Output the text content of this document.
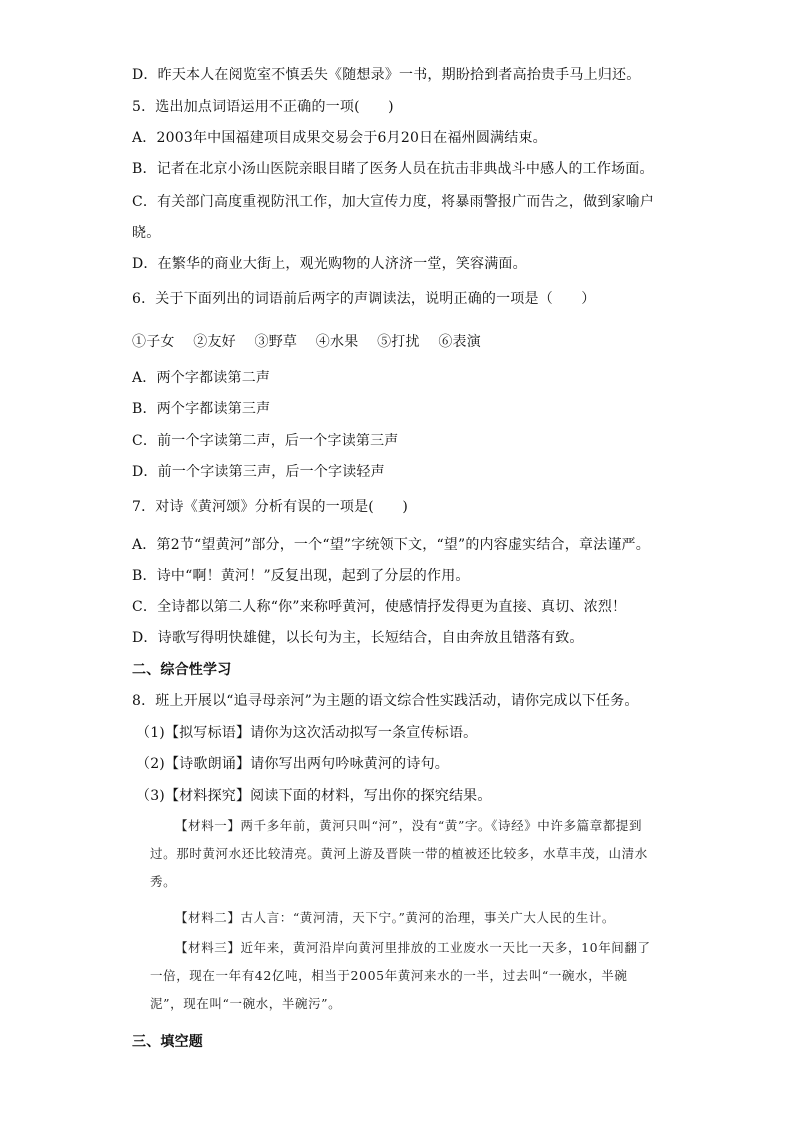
D．昨天本人在阅览室不慎丢失《随想录》一书，期盼拾到者高抬贵手马上归还。
5．选出加点词语运用不正确的一项(　　)
A．2003年中国福建项目成果交易会于6月20日在福州圆满结束。
B．记者在北京小汤山医院亲眼目睹了医务人员在抗击非典战斗中感人的工作场面。
C．有关部门高度重视防汛工作，加大宣传力度，将暴雨警报广而告之，做到家喻户
晓。
D．在繁华的商业大街上，观光购物的人济济一堂，笑容满面。
6．关于下面列出的词语前后两字的声调读法，说明正确的一项是（　　）
①子女 ②友好 ③野草 ④水果 ⑤打扰 ⑥表演
A．两个字都读第二声
B．两个字都读第三声
C．前一个字读第二声，后一个字读第三声
D．前一个字读第三声，后一个字读轻声
7．对诗《黄河颂》分析有误的一项是(　　)
A．第2节“望黄河”部分，一个“望”字统领下文，“望”的内容虚实结合，章法谨严。
B．诗中“啊！黄河！”反复出现，起到了分层的作用。
C．全诗都以第二人称“你”来称呼黄河，使感情抒发得更为直接、真切、浓烈！
D．诗歌写得明快雄健，以长句为主，长短结合，自由奔放且错落有致。
二、综合性学习
8．班上开展以“追寻母亲河”为主题的语文综合性实践活动，请你完成以下任务。
（1)【拟写标语】请你为这次活动拟写一条宣传标语。
（2)【诗歌朗诵】请你写出两句吟咏黄河的诗句。
（3)【材料探究】阅读下面的材料，写出你的探究结果。
【材料一】两千多年前，黄河只叫“河”，没有“黄”字。《诗经》中许多篇章都提到过。那时黄河水还比较清亮。黄河上游及晋陕一带的植被还比较多，水草丰茂，山清水秀。
【材料二】古人言：“黄河清，天下宁。”黄河的治理，事关广大人民的生计。
【材料三】近年来，黄河沿岸向黄河里排放的工业废水一天比一天多，10年间翻了一倍，现在一年有42亿吨，相当于2005年黄河来水的一半，过去叫“一碗水，半碗泥”，现在叫“一碗水，半碗污”。
三、填空题
